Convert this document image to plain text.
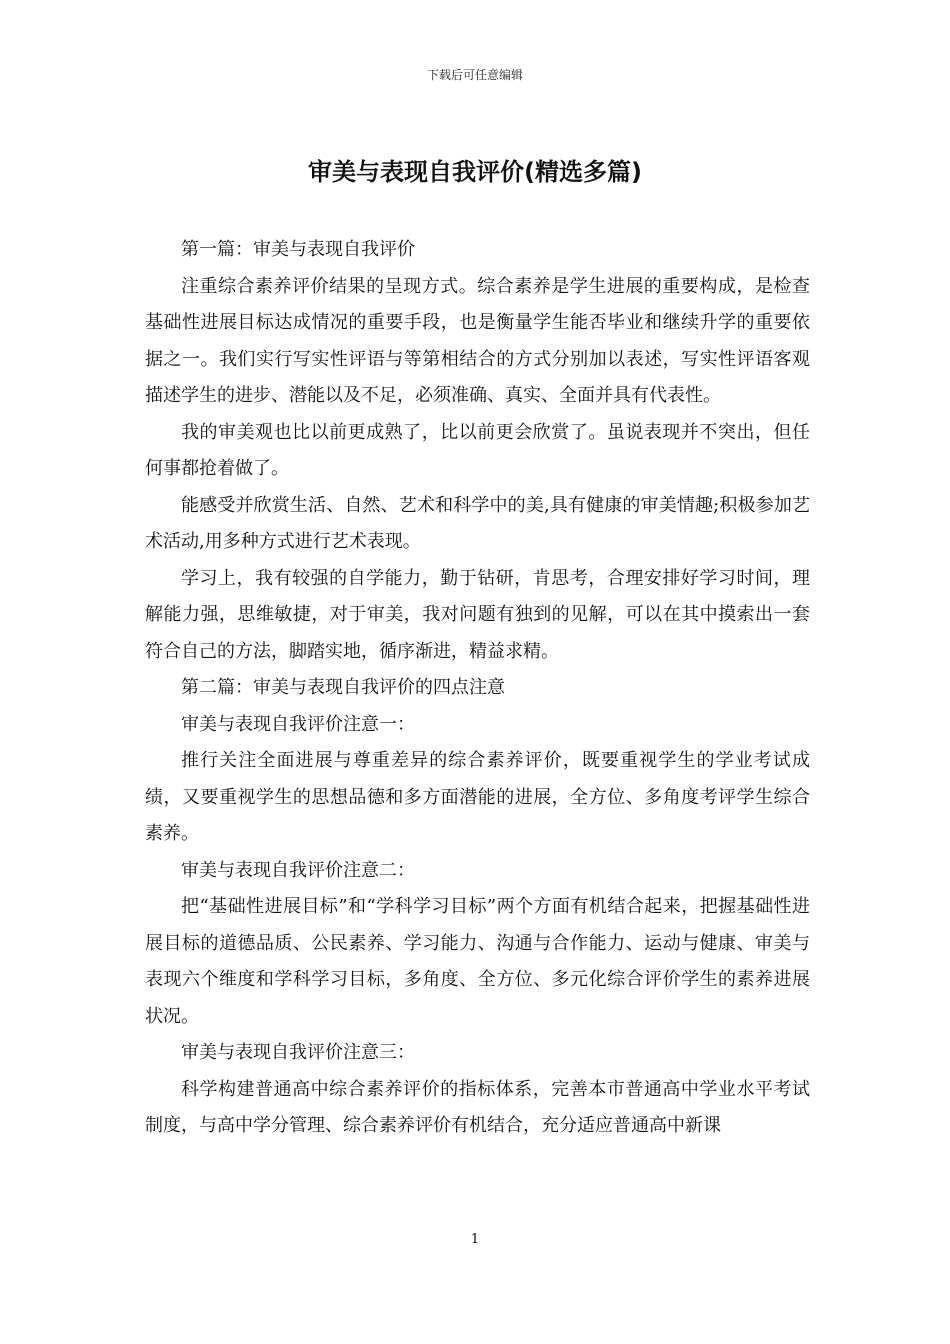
下载后可任意编辑
审美与表现自我评价(精选多篇)

第一篇：审美与表现自我评价

注重综合素养评价结果的呈现方式。综合素养是学生进展的重要构成，是检查基础性进展目标达成情况的重要手段，也是衡量学生能否毕业和继续升学的重要依据之一。我们实行写实性评语与等第相结合的方式分别加以表述，写实性评语客观描述学生的进步、潜能以及不足，必须准确、真实、全面并具有代表性。

我的审美观也比以前更成熟了，比以前更会欣赏了。虽说表现并不突出，但任何事都抢着做了。

能感受并欣赏生活、自然、艺术和科学中的美,具有健康的审美情趣;积极参加艺术活动,用多种方式进行艺术表现。

学习上，我有较强的自学能力，勤于钻研，肯思考，合理安排好学习时间，理解能力强，思维敏捷，对于审美，我对问题有独到的见解，可以在其中摸索出一套符合自己的方法，脚踏实地，循序渐进，精益求精。

第二篇：审美与表现自我评价的四点注意

审美与表现自我评价注意一：

推行关注全面进展与尊重差异的综合素养评价，既要重视学生的学业考试成绩，又要重视学生的思想品德和多方面潜能的进展，全方位、多角度考评学生综合素养。

审美与表现自我评价注意二：

把“基础性进展目标”和“学科学习目标”两个方面有机结合起来，把握基础性进展目标的道德品质、公民素养、学习能力、沟通与合作能力、运动与健康、审美与表现六个维度和学科学习目标，多角度、全方位、多元化综合评价学生的素养进展状况。

审美与表现自我评价注意三：

科学构建普通高中综合素养评价的指标体系，完善本市普通高中学业水平考试制度，与高中学分管理、综合素养评价有机结合，充分适应普通高中新课

1
